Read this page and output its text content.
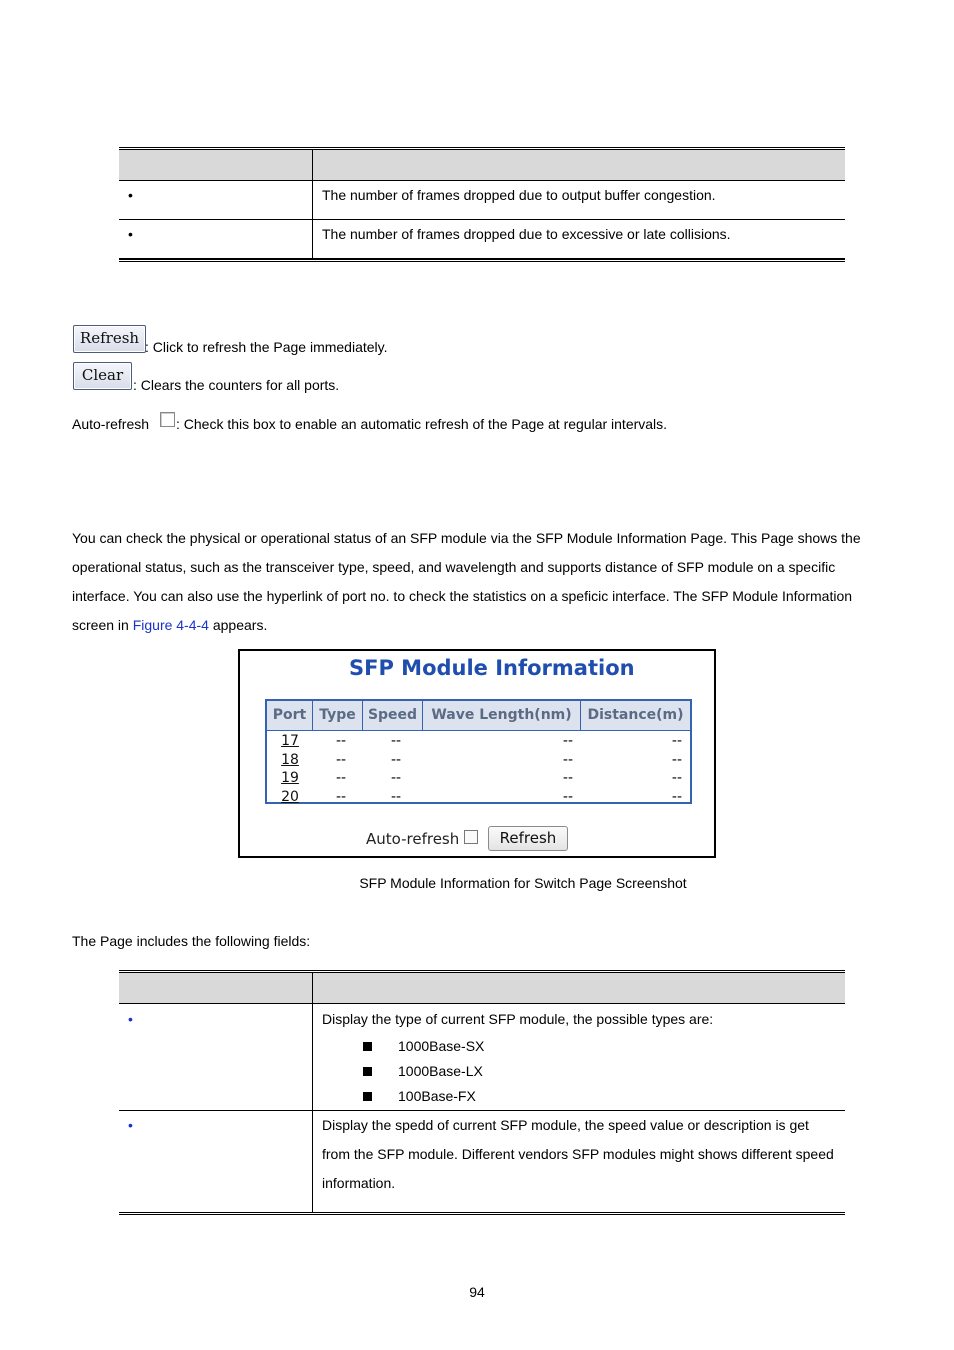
•	The number of frames dropped due to output buffer congestion.
•	The number of frames dropped due to excessive or late collisions.
Refresh : Click to refresh the Page immediately.
Clear
: Clears the counters for all ports.
Auto-refresh : Check this box to enable an automatic refresh of the Page at regular intervals.
You can check the physical or operational status of an SFP module via the SFP Module Information Page. This Page shows the operational status, such as the transceiver type, speed, and wavelength and supports distance of SFP module on a specific interface. You can also use the hyperlink of port no. to check the statistics on a speficic interface. The SFP Module Information screen in Figure 4-4-4 appears.
SFP Module Information
Port Type Speed	Wave Length(nm)	Distance(m)
17	--	--	--	--
18	--	--	--	--
19	--	--	--	--
20	--	--	--	--
Auto-refresh	Refresh
SFP Module Information for Switch Page Screenshot
The Page includes the following fields:
•	Display the type of current SFP module, the possible types are:
1000Base-SX
1000Base-LX
100Base-FX
•	Display the spedd of current SFP module, the speed value or description is get from the SFP module. Different vendors SFP modules might shows different speed information.
94
